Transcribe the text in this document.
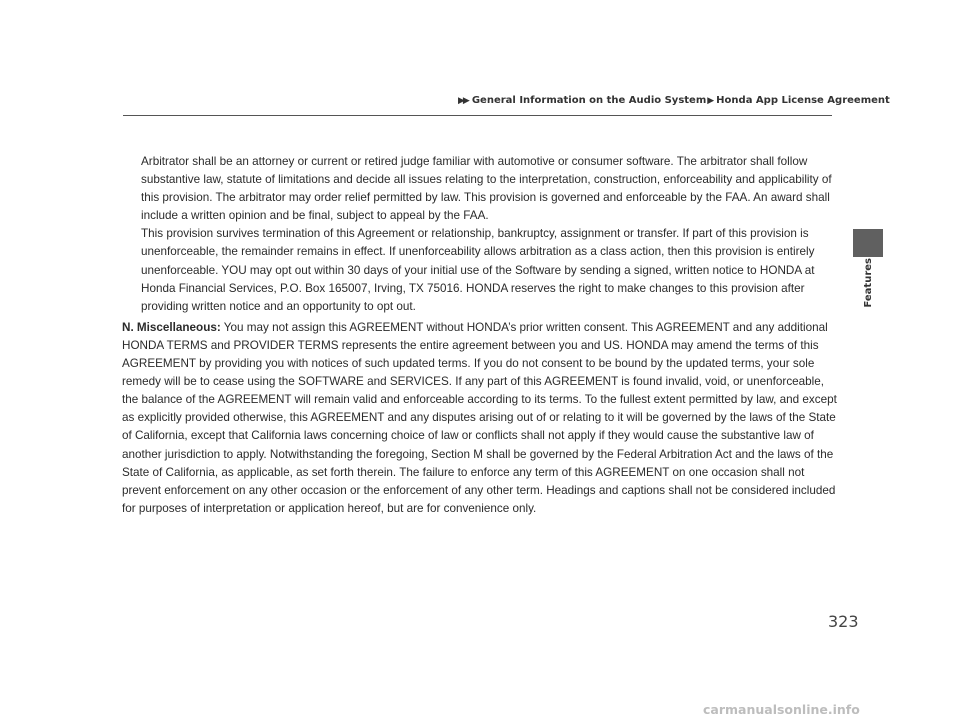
▶▶ General Information on the Audio System▶ Honda App License Agreement
Features

Arbitrator shall be an attorney or current or retired judge familiar with automotive or consumer software. The arbitrator shall follow substantive law, statute of limitations and decide all issues relating to the interpretation, construction, enforceability and applicability of this provision. The arbitrator may order relief permitted by law. This provision is governed and enforceable by the FAA. An award shall include a written opinion and be final, subject to appeal by the FAA.

This provision survives termination of this Agreement or relationship, bankruptcy, assignment or transfer. If part of this provision is unenforceable, the remainder remains in effect. If unenforceability allows arbitration as a class action, then this provision is entirely unenforceable. YOU may opt out within 30 days of your initial use of the Software by sending a signed, written notice to HONDA at Honda Financial Services, P.O. Box 165007, Irving, TX 75016. HONDA reserves the right to make changes to this provision after providing written notice and an opportunity to opt out.

N. Miscellaneous: You may not assign this AGREEMENT without HONDA’s prior written consent. This AGREEMENT and any additional HONDA TERMS and PROVIDER TERMS represents the entire agreement between you and US. HONDA may amend the terms of this AGREEMENT by providing you with notices of such updated terms. If you do not consent to be bound by the updated terms, your sole remedy will be to cease using the SOFTWARE and SERVICES. If any part of this AGREEMENT is found invalid, void, or unenforceable, the balance of the AGREEMENT will remain valid and enforceable according to its terms. To the fullest extent permitted by law, and except as explicitly provided otherwise, this AGREEMENT and any disputes arising out of or relating to it will be governed by the laws of the State of California, except that California laws concerning choice of law or conflicts shall not apply if they would cause the substantive law of another jurisdiction to apply. Notwithstanding the foregoing, Section M shall be governed by the Federal Arbitration Act and the laws of the State of California, as applicable, as set forth therein. The failure to enforce any term of this AGREEMENT on one occasion shall not prevent enforcement on any other occasion or the enforcement of any other term. Headings and captions shall not be considered included for purposes of interpretation or application hereof, but are for convenience only.

323
carmanualsonline.info
